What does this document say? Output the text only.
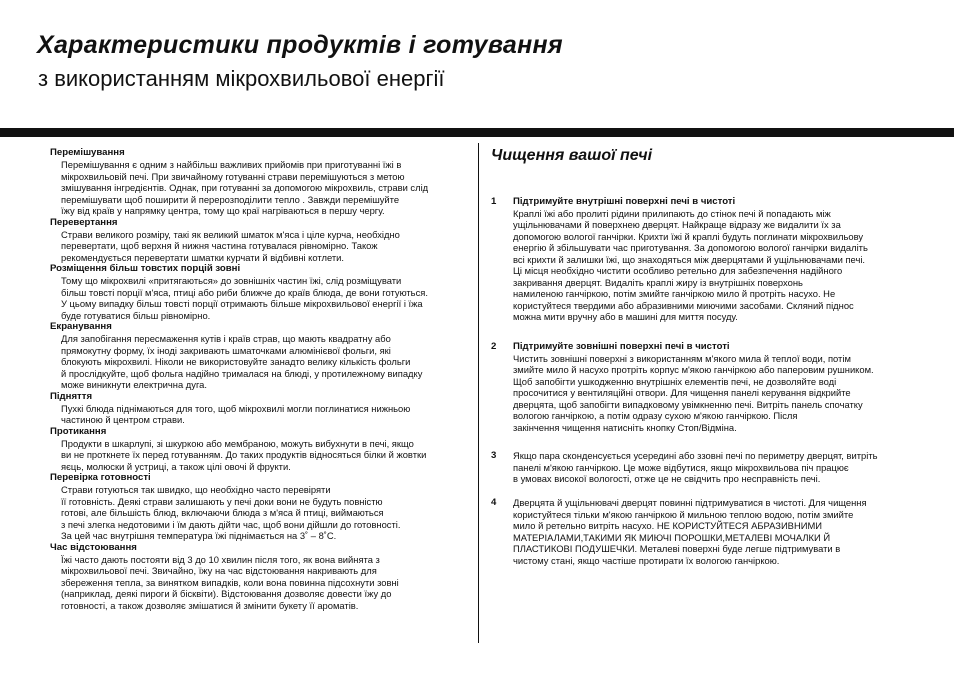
Характеристики продуктів і готування
з використанням мікрохвильової енергії
Перемішування
Перемішування є одним з найбільш важливих прийомів при приготуванні їжі в
мікрохвильовій печі. При звичайному готуванні страви перемішуються з метою
змішування інгредієнтів. Однак, при готуванні за допомогою мікрохвиль, страви слід
перемішувати щоб поширити й перерозподілити тепло . Завжди перемішуйте
їжу від країв у напрямку центра, тому що краї нагріваються в першу чергу.
Перевертання
Страви великого розміру, такі як великий шматок м'яса і ціле курча, необхідно
перевертати, щоб верхня й нижня частина готувалася рівномірно. Також
рекомендується перевертати шматки курчати й відбивні котлети.
Розміщення більш товстих порцій зовні
Тому що мікрохвилі «притягаються» до зовнішніх частин їжі, слід розміщувати
більш товсті порції м'яса, птиці або риби ближче до країв блюда, де вони готуються.
У цьому випадку більш товсті порції отримають більше мікрохвильової енергії і їжа
буде готуватися більш рівномірно.
Екранування
Для запобігання пересмаження кутів і країв страв, що мають квадратну або
прямокутну форму, їх іноді закривають шматочками алюмінієвої фольги, які
блокують мікрохвилі. Ніколи не використовуйте занадто велику кількість фольги
й прослідкуйте, щоб фольга надійно трималася на блюді, у протилежному випадку
може виникнути електрична дуга.
Підняття
Пухкі блюда піднімаються для того, щоб мікрохвилі могли поглинатися нижньою
частиною й центром страви.
Протикання
Продукти в шкарлупі, зі шкуркою або мембраною, можуть вибухнути в печі, якщо
ви не проткнете їх перед готуванням. До таких продуктів відносяться білки й жовтки
яєць, молюски й устриці, а також цілі овочі й фрукти.
Перевірка готовності
Страви готуються так швидко, що необхідно часто перевіряти
її готовність. Деякі страви залишають у печі доки вони не будуть повністю
готові, але більшість блюд, включаючи блюда з м'яса й птиці, виймаються
з печі злегка недотовими і їм дають дійти час, щоб вони дійшли до готовності.
За цей час внутрішня температура їжі піднімається на 3˚ – 8˚C.
Час відстоювання
Їжі часто дають постояти від 3 до 10 хвилин після того, як вона вийнята з
мікрохвильової печі. Звичайно, їжу на час відстоювання накривають для
збереження тепла, за винятком випадків, коли вона повинна підсохнути зовні
(наприклад, деякі пироги й бісквіти). Відстоювання дозволяє довести їжу до
готовності, а також дозволяє змішатися й змінити букету її ароматів.
Чищення вашої печі
1 Підтримуйте внутрішні поверхні печі в чистоті
Краплі їжі або пролиті рідини прилипають до стінок печі й попадають між
ущільнювачами й поверхнею дверцят. Найкраще відразу же видалити їх за
допомогою вологої ганчірки. Крихти їжі й краплі будуть поглинати мікрохвильову
енергію й збільшувати час приготування. За допомогою вологої ганчірки видаліть
всі крихти й залишки їжі, що знаходяться між дверцятами й ущільнювачами печі.
Ці місця необхідно чистити особливо ретельно для забезпечення надійного
закривання дверцят. Видаліть краплі жиру із внутрішніх поверхонь
намиленою ганчіркою, потім змийте ганчіркою мило й протріть насухо. Не
користуйтеся твердими або абразивними миючими засобами. Скляний піднос
можна мити вручну або в машині для миття посуду.
2 Підтримуйте зовнішні поверхні печі в чистоті
Чистить зовнішні поверхні з використанням м'якого мила й теплої води, потім
змийте мило й насухо протріть корпус м'якою ганчіркою або паперовим рушником.
Щоб запобігти ушкодженню внутрішніх елементів печі, не дозволяйте воді
просочитися у вентиляційні отвори. Для чищення панелі керування відкрийте
дверцята, щоб запобігти випадковому увімкненню печі. Витріть панель спочатку
вологою ганчіркою, а потім одразу сухою м'якою ганчіркою. Після
закінчення чищення натисніть кнопку Стоп/Відміна.
3 Якщо пара сконденсується усередині або ззовні печі по периметру дверцят, витріть
панелі м'якою ганчіркою. Це може відбутися, якщо мікрохвильова піч працює
в умовах високої вологості, отже це не свідчить про несправність печі.
4 Дверцята й ущільнювачі дверцят повинні підтримуватися в чистоті. Для чищення
користуйтеся тільки м'якою ганчіркою й мильною теплою водою, потім змийте
мило й ретельно витріть насухо. НЕ КОРИСТУЙТЕСЯ АБРАЗИВНИМИ
МАТЕРІАЛАМИ,ТАКИМИ ЯК МИЮЧІ ПОРОШКИ,МЕТАЛЕВІ МОЧАЛКИ Й
ПЛАСТИКОВІ ПОДУШЕЧКИ. Металеві поверхні буде легше підтримувати в
чистому стані, якщо частіше протирати їх вологою ганчіркою.
